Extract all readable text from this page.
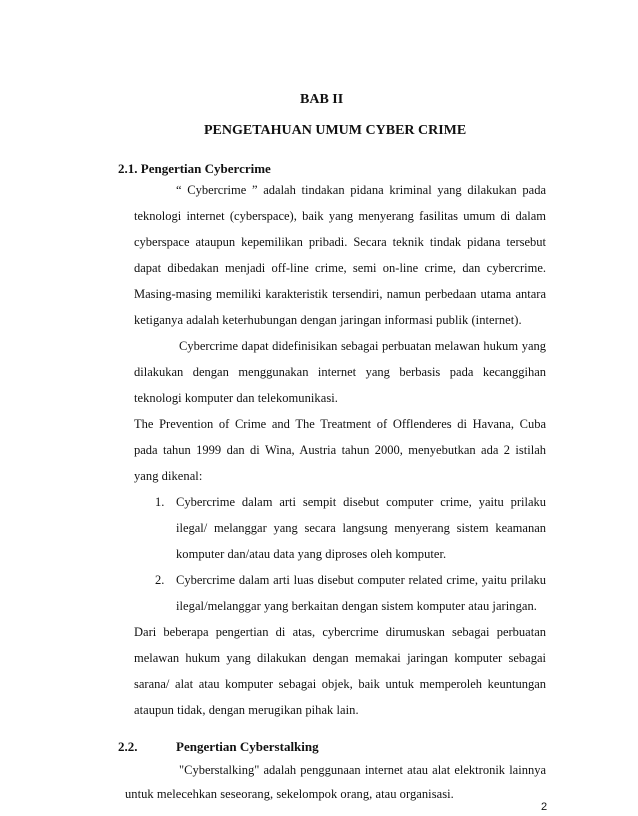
BAB II
PENGETAHUAN UMUM CYBER CRIME
2.1. Pengertian Cybercrime
“ Cybercrime ” adalah tindakan pidana kriminal yang dilakukan pada
teknologi internet (cyberspace), baik yang menyerang fasilitas umum di dalam
cyberspace ataupun kepemilikan pribadi. Secara teknik tindak pidana tersebut
dapat dibedakan menjadi off-line crime, semi on-line crime, dan cybercrime.
Masing-masing memiliki karakteristik tersendiri, namun perbedaan utama antara
ketiganya adalah keterhubungan dengan jaringan informasi publik (internet).
Cybercrime dapat didefinisikan sebagai perbuatan melawan hukum yang
dilakukan dengan menggunakan internet yang berbasis pada kecanggihan
teknologi komputer dan telekomunikasi.
The Prevention of Crime and The Treatment of Offlenderes di Havana, Cuba
pada tahun 1999 dan di Wina, Austria tahun 2000, menyebutkan ada 2 istilah
yang dikenal:
1. Cybercrime dalam arti sempit disebut computer crime, yaitu prilaku
ilegal/ melanggar yang secara langsung menyerang sistem keamanan
komputer dan/atau data yang diproses oleh komputer.
2. Cybercrime dalam arti luas disebut computer related crime, yaitu prilaku
ilegal/melanggar yang berkaitan dengan sistem komputer atau jaringan.
Dari beberapa pengertian di atas, cybercrime dirumuskan sebagai perbuatan
melawan hukum yang dilakukan dengan memakai jaringan komputer sebagai
sarana/ alat atau komputer sebagai objek, baik untuk memperoleh keuntungan
ataupun tidak, dengan merugikan pihak lain.
2.2.	Pengertian Cyberstalking
"Cyberstalking" adalah penggunaan internet atau alat elektronik lainnya
untuk melecehkan seseorang, sekelompok orang, atau organisasi.
2
